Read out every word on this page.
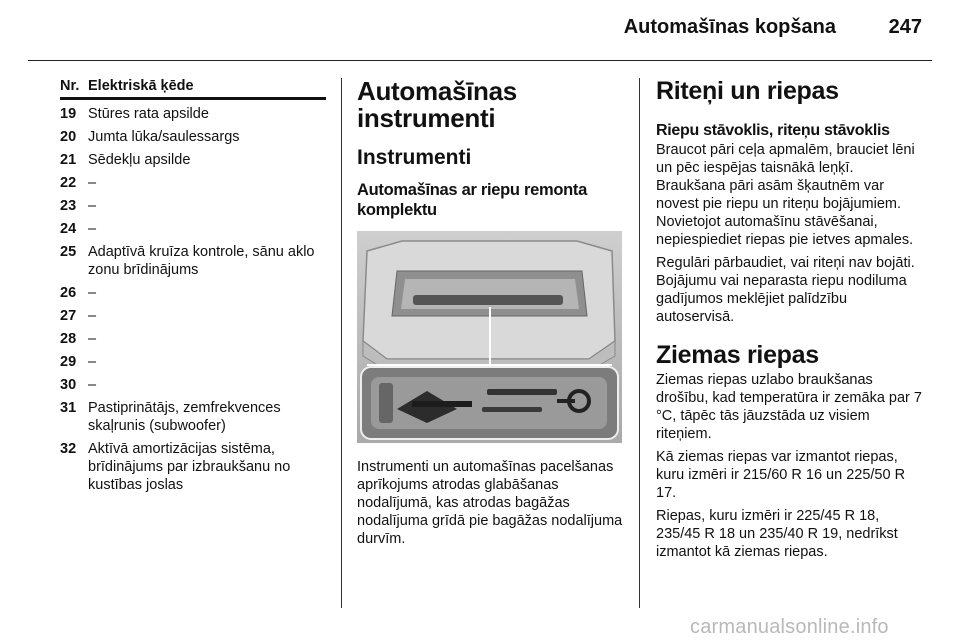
Automašīnas kopšana	247
Nr. Elektriskā ķēde
19 Stūres rata apsilde
20 Jumta lūka/saulessargs
21 Sēdekļu apsilde
22 –
23 –
24 –
25 Adaptīvā kruīza kontrole, sānu aklo zonu brīdinājums
26 –
27 –
28 –
29 –
30 –
31 Pastiprinātājs, zemfrekvences skaļrunis (subwoofer)
32 Aktīvā amortizācijas sistēma, brīdinājums par izbraukšanu no kustības joslas
Automašīnas instrumenti
Instrumenti
Automašīnas ar riepu remonta komplektu

Instrumenti un automašīnas pacelšanas aprīkojums atrodas glabāšanas nodalījumā, kas atrodas bagāžas nodalījuma grīdā pie bagāžas nodalījuma durvīm.

Riteņi un riepas
Riepu stāvoklis, riteņu stāvoklis

Braucot pāri ceļa apmalēm, brauciet lēni un pēc iespējas taisnākā leņķī. Braukšana pāri asām šķautnēm var novest pie riepu un riteņu bojājumiem. Novietojot automašīnu stāvēšanai, nepiespiediet riepas pie ietves apmales.

Regulāri pārbaudiet, vai riteņi nav bojāti. Bojājumu vai neparasta riepu nodiluma gadījumos meklējiet palīdzību autoservisā.

Ziemas riepas

Ziemas riepas uzlabo braukšanas drošību, kad temperatūra ir zemāka par 7 °C, tāpēc tās jāuzstāda uz visiem riteņiem.

Kā ziemas riepas var izmantot riepas, kuru izmēri ir 215/60 R 16 un 225/50 R 17.

Riepas, kuru izmēri ir 225/45 R 18, 235/45 R 18 un 235/40 R 19, nedrīkst izmantot kā ziemas riepas.

carmanualsonline.info
